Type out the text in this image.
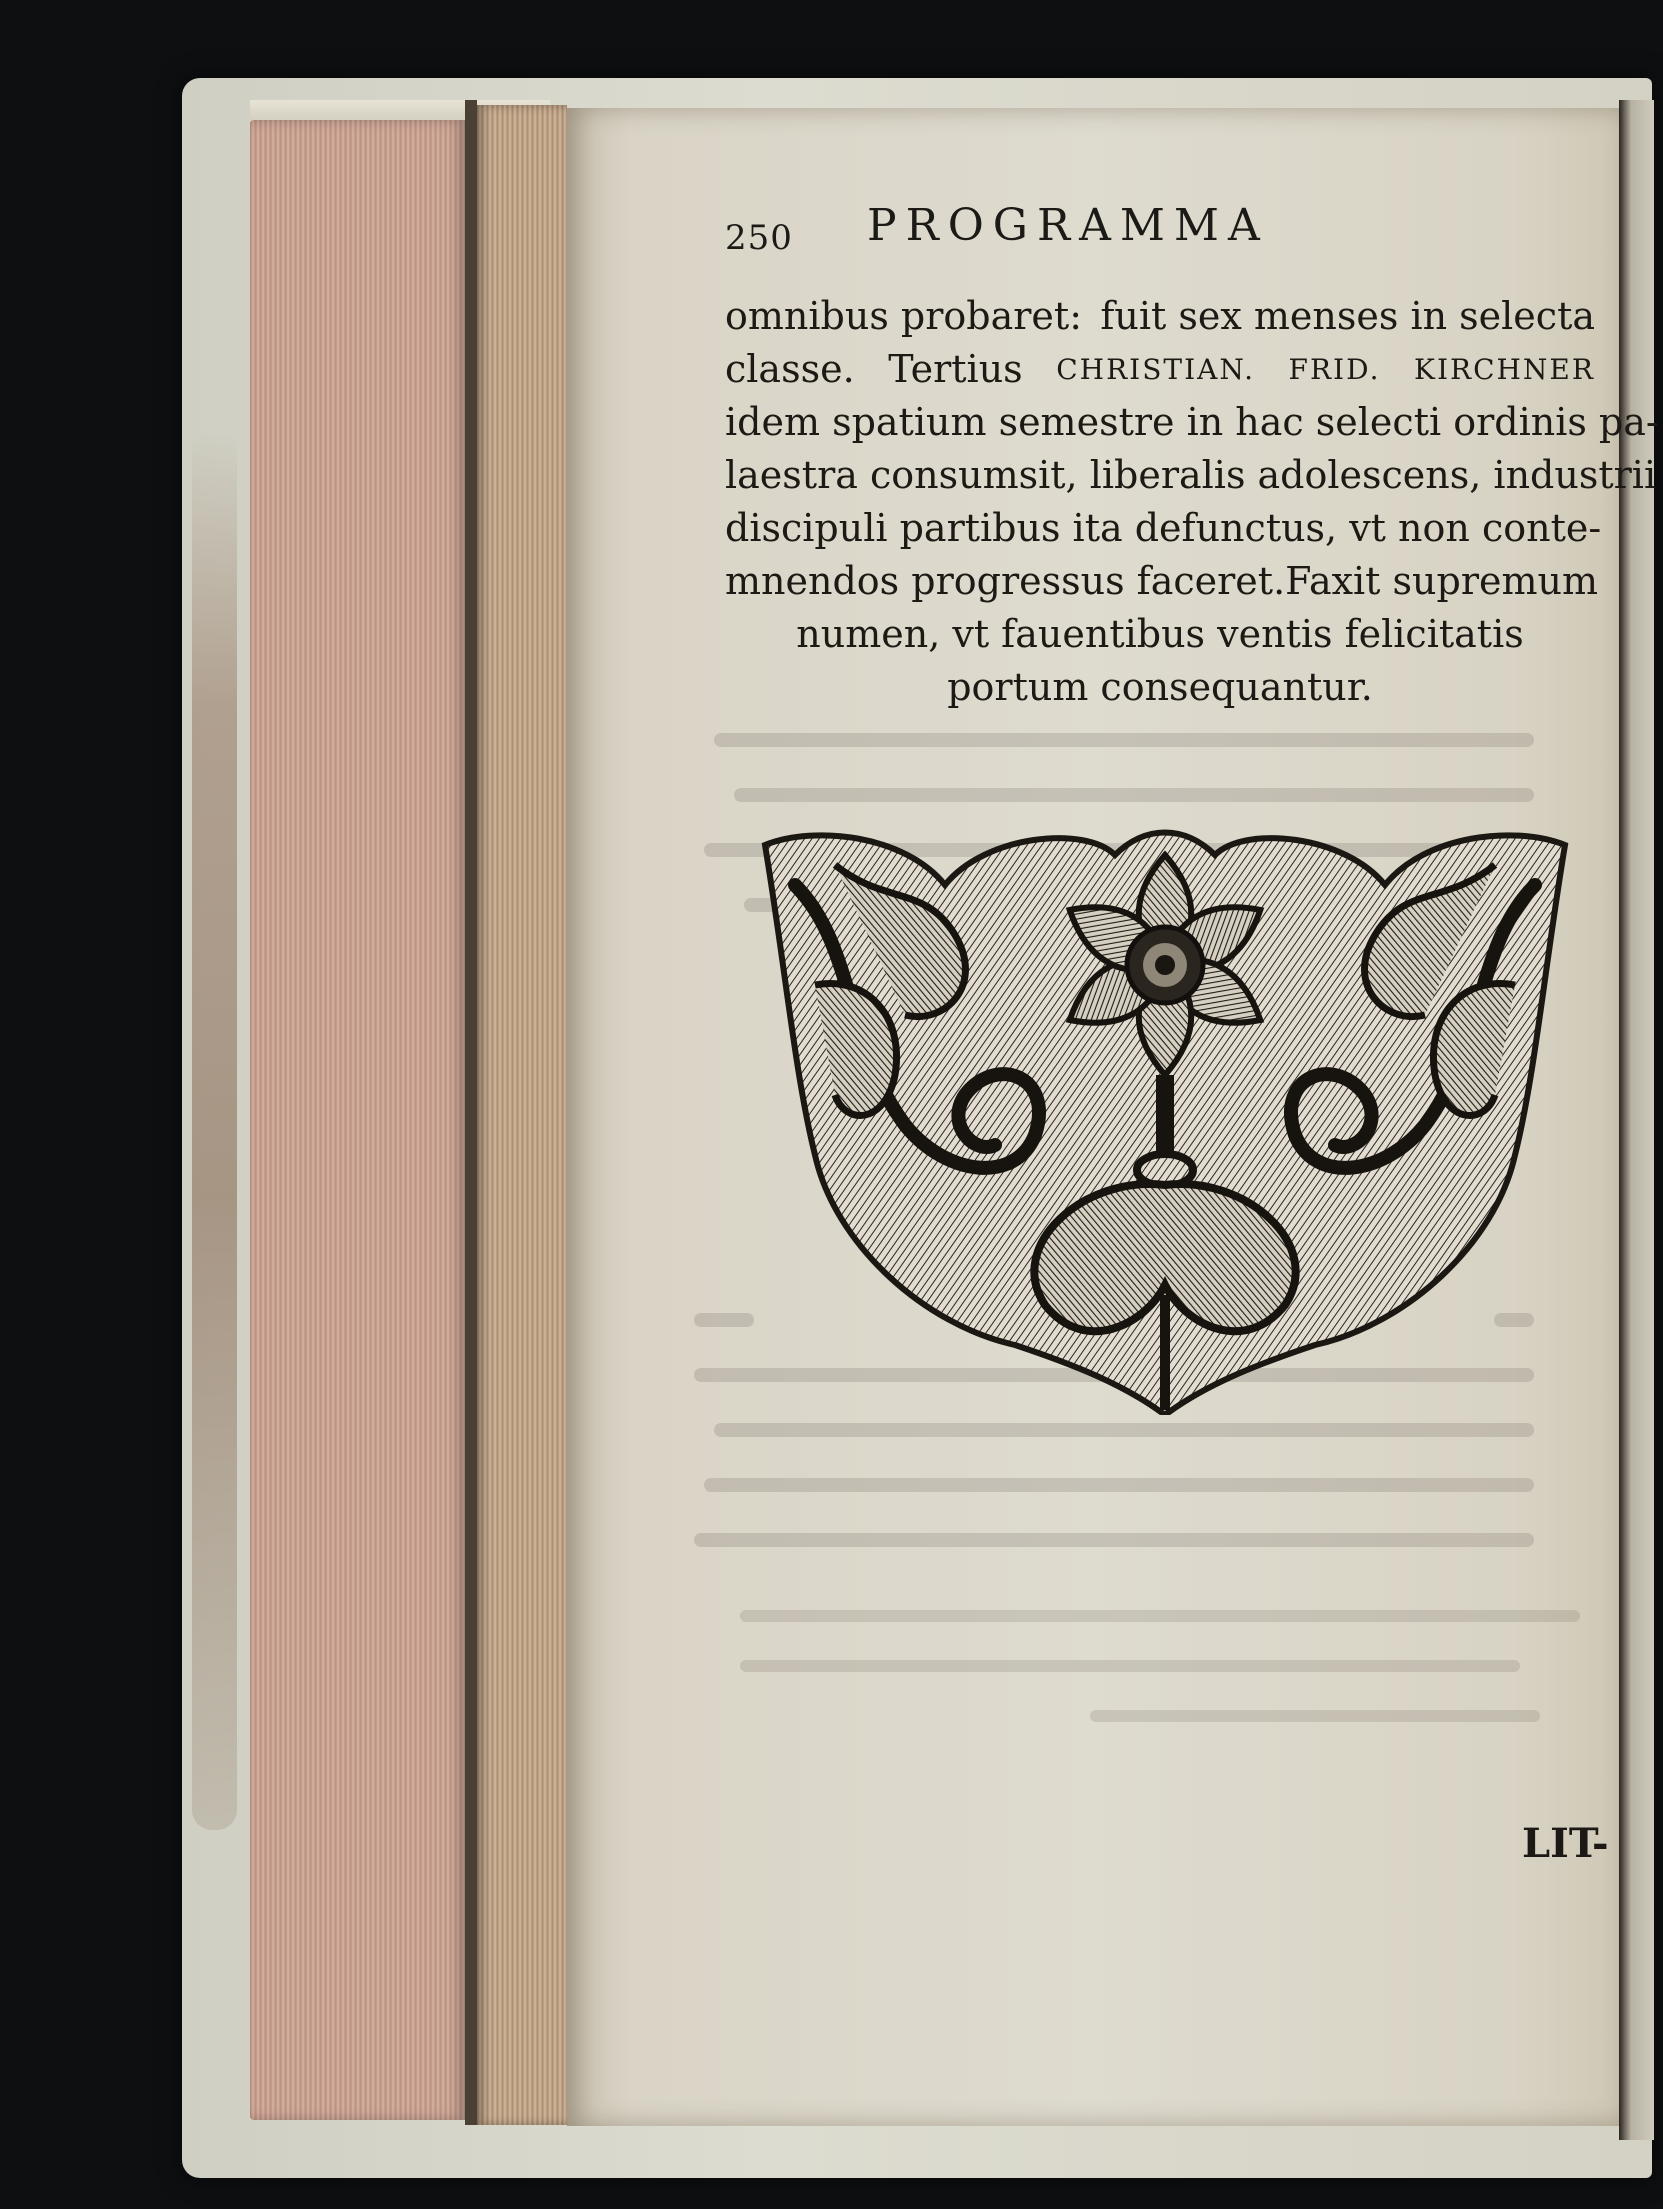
250 PROGRAMMA
omnibus probaret: fuit sex menses in selecta
classe. Tertius CHRISTIAN. FRID. KIRCHNER
idem spatium semestre in hac selecti ordinis pa-
laestra consumsit, liberalis adolescens, industrii
discipuli partibus ita defunctus, vt non conte-
mnendos progressus faceret. Faxit supremum
numen, vt fauentibus ventis felicitatis
portum consequantur.
LIT-
